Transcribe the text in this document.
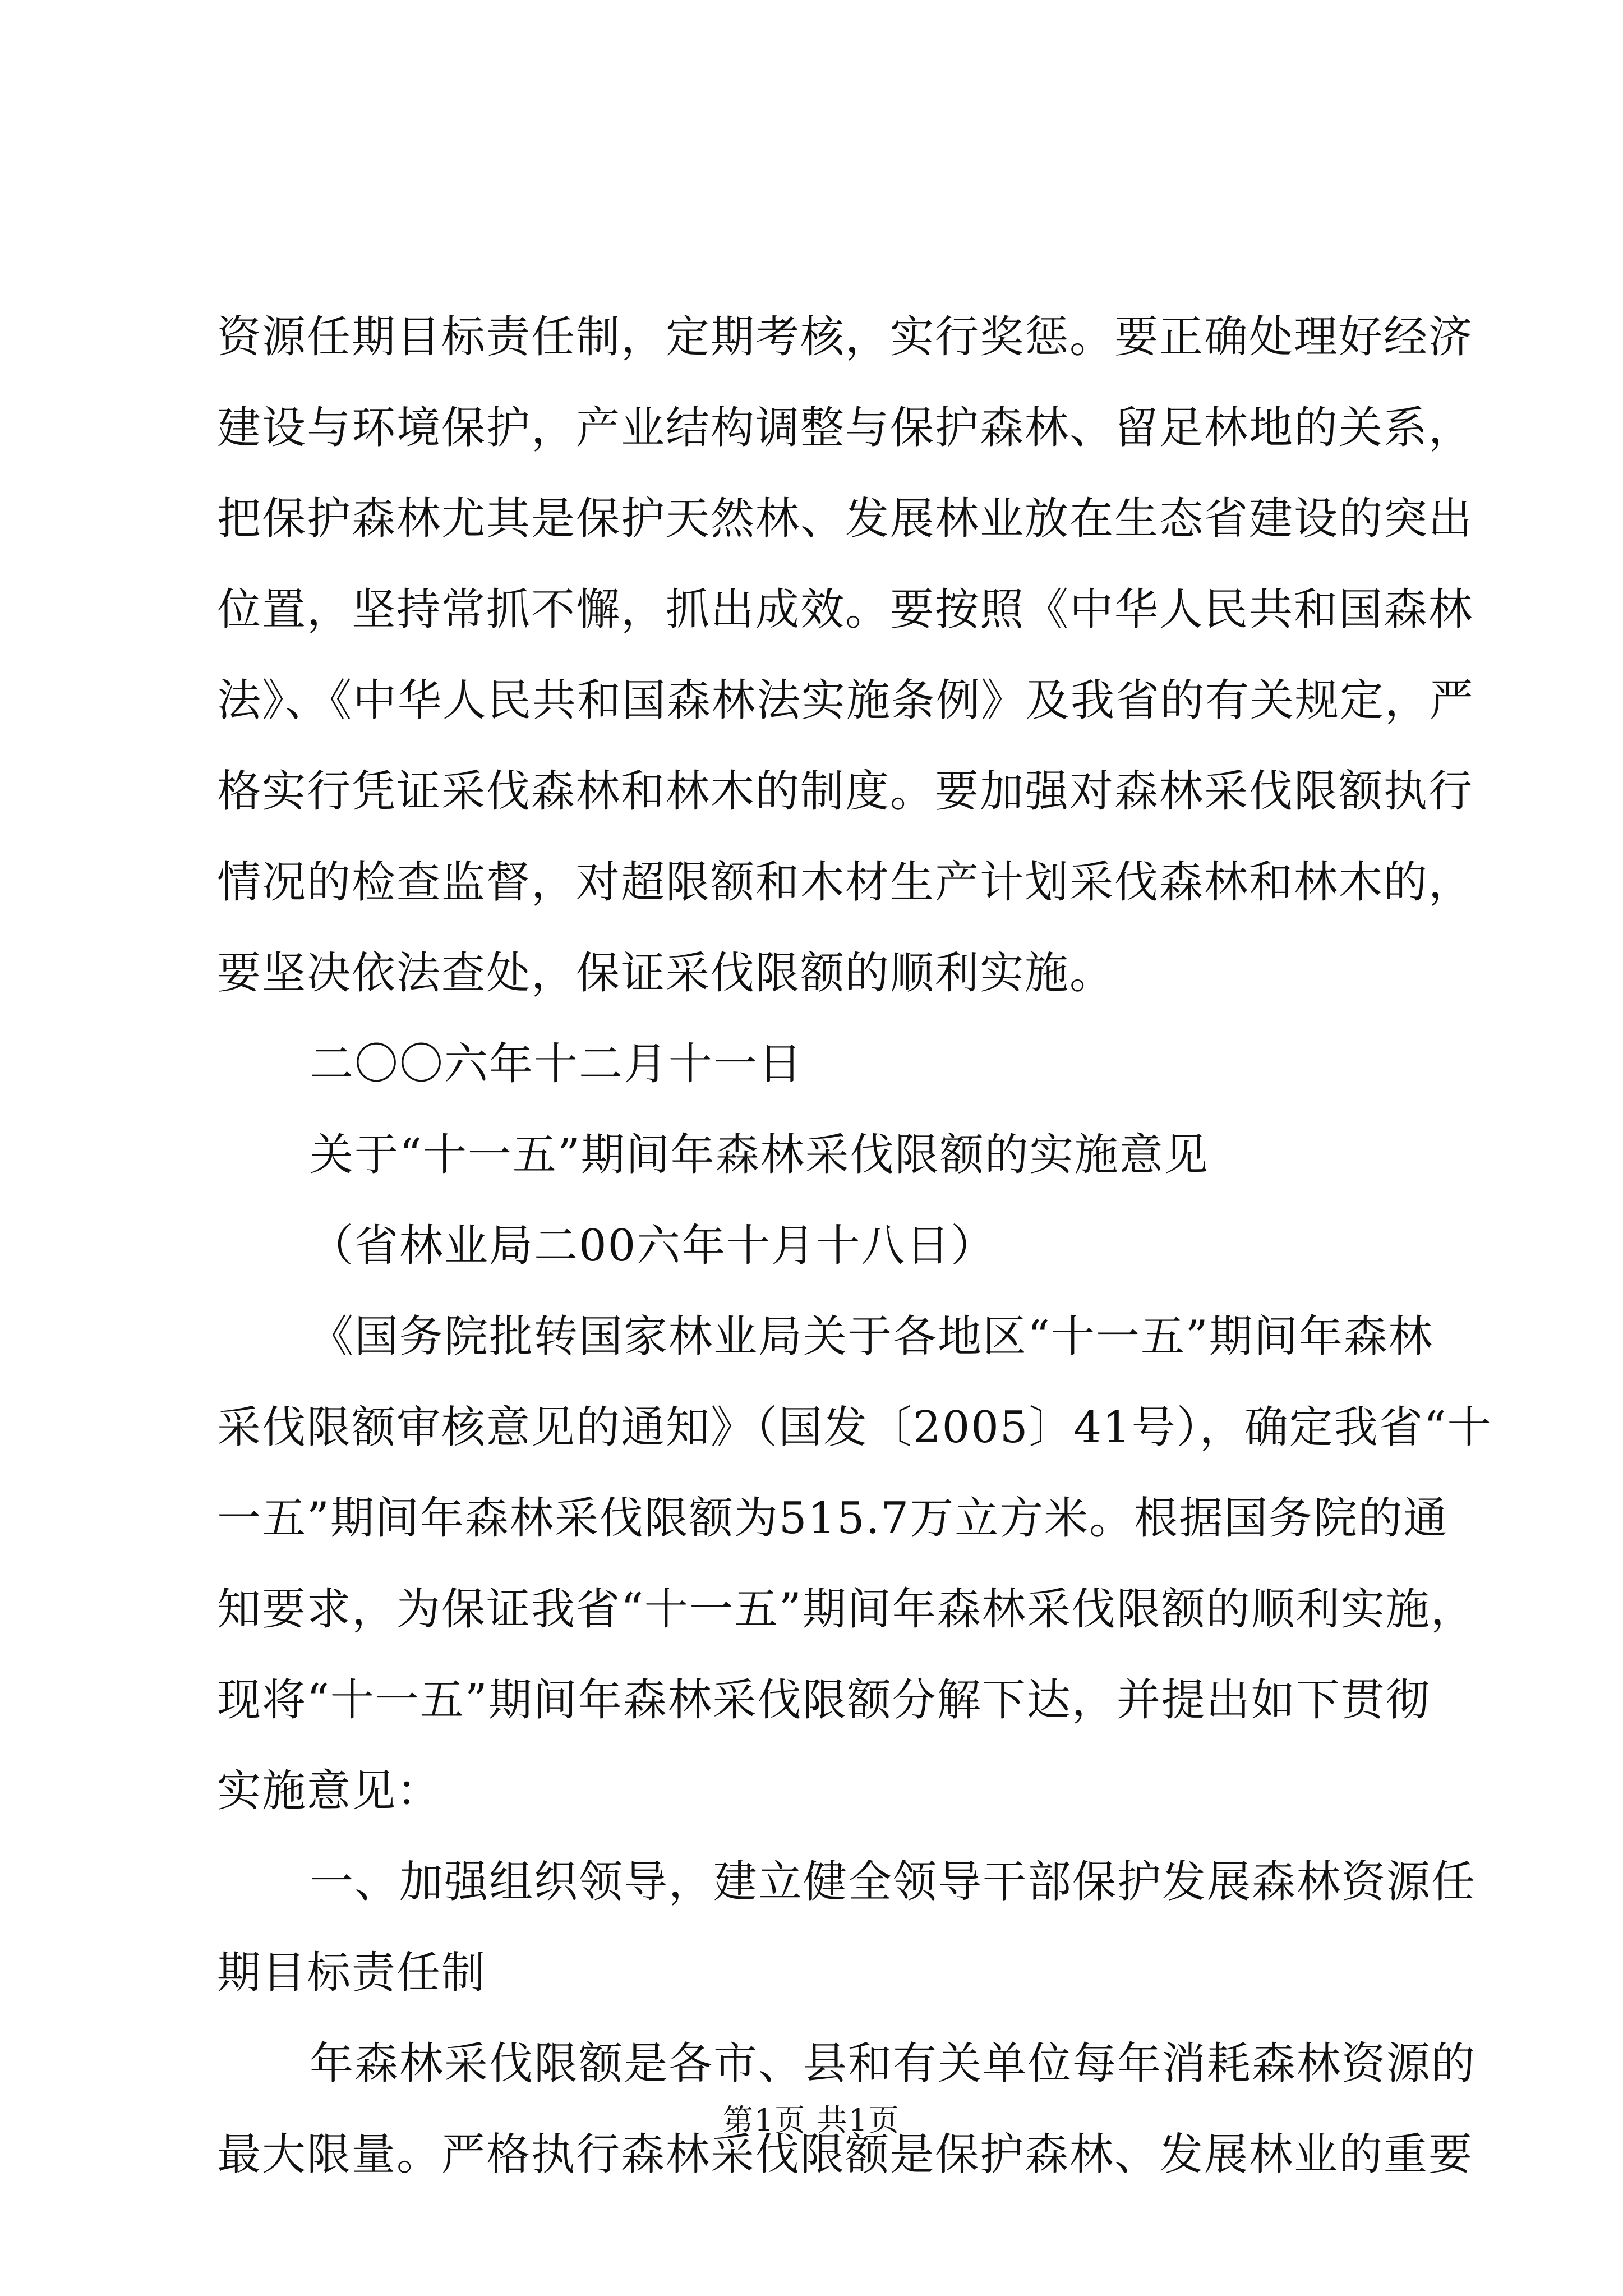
资源任期目标责任制，定期考核，实行奖惩。要正确处理好经济

建设与环境保护，产业结构调整与保护森林、留足林地的关系，

把保护森林尤其是保护天然林、发展林业放在生态省建设的突出

位置，坚持常抓不懈，抓出成效。要按照《中华人民共和国森林

法》、《中华人民共和国森林法实施条例》及我省的有关规定，严

格实行凭证采伐森林和林木的制度。要加强对森林采伐限额执行

情况的检查监督，对超限额和木材生产计划采伐森林和林木的，

要坚决依法查处，保证采伐限额的顺利实施。

二〇〇六年十二月十一日

关于“十一五”期间年森林采伐限额的实施意见

（省林业局二00六年十月十八日）

《国务院批转国家林业局关于各地区“十一五”期间年森林

采伐限额审核意见的通知》（国发〔2005〕41号），确定我省“十

一五”期间年森林采伐限额为515.7万立方米。根据国务院的通

知要求，为保证我省“十一五”期间年森林采伐限额的顺利实施，

现将“十一五”期间年森林采伐限额分解下达，并提出如下贯彻

实施意见：

一、加强组织领导，建立健全领导干部保护发展森林资源任

期目标责任制

年森林采伐限额是各市、县和有关单位每年消耗森林资源的

最大限量。严格执行森林采伐限额是保护森林、发展林业的重要

第1页 共1页
